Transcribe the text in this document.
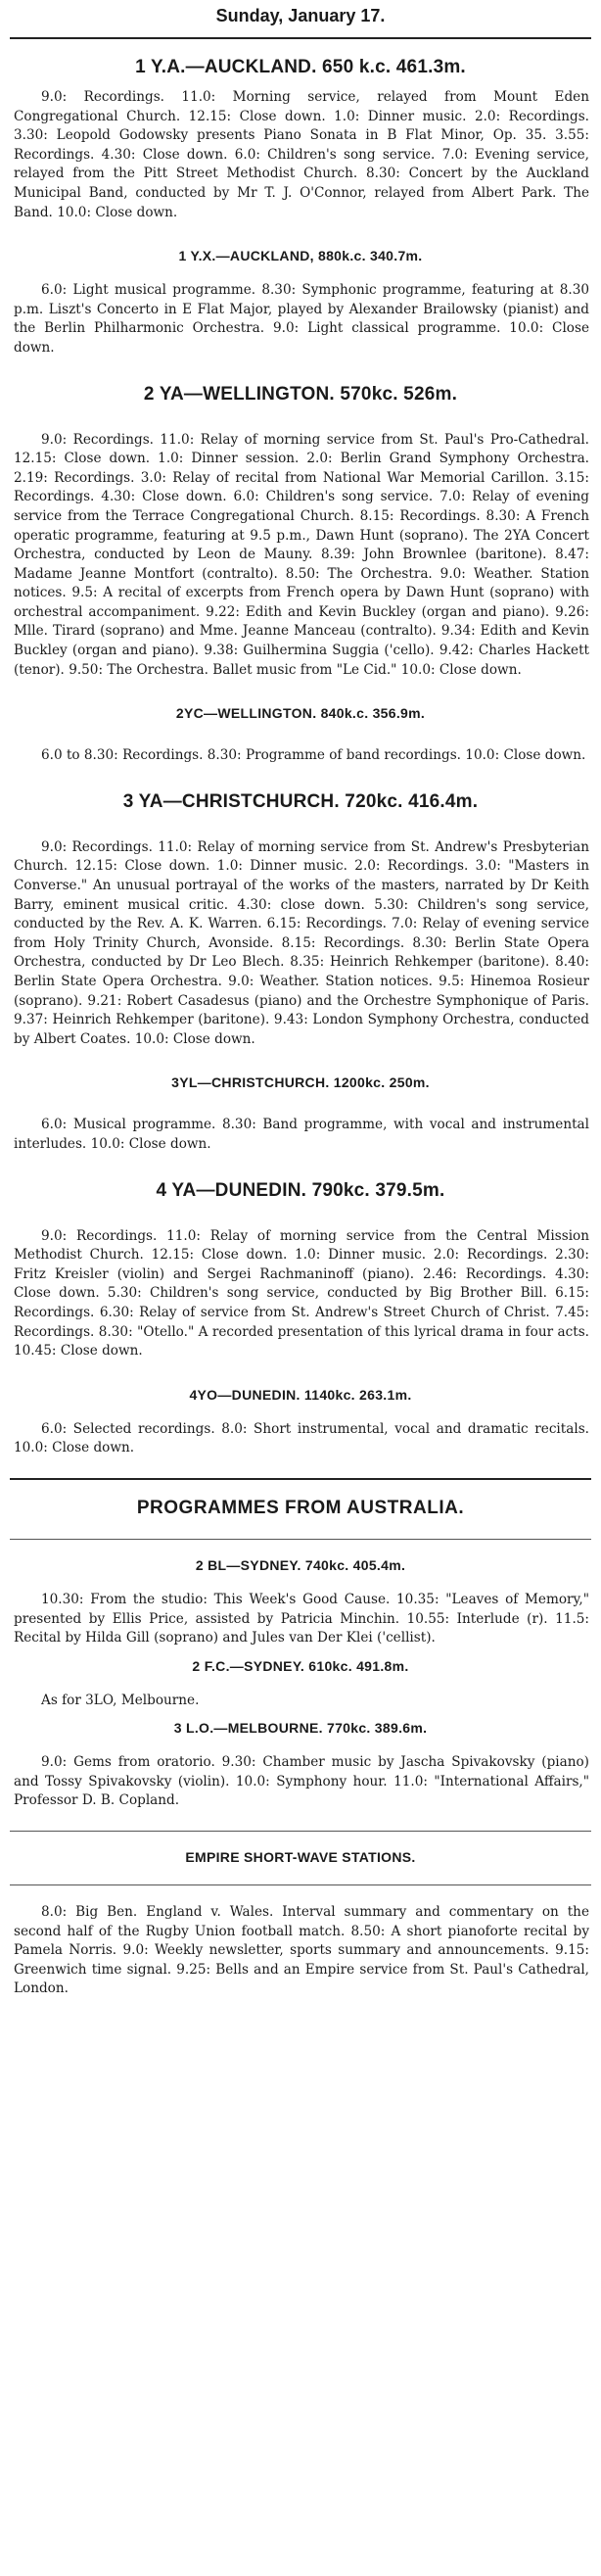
Sunday, January 17.
1 Y.A.—AUCKLAND. 650 k.c. 461.3m.

9.0: Recordings. 11.0: Morning service, relayed from Mount Eden Congregational Church. 12.15: Close down. 1.0: Dinner music. 2.0: Recordings. 3.30: Leopold Godowsky presents Piano Sonata in B Flat Minor, Op. 35. 3.55: Recordings. 4.30: Close down. 6.0: Children's song service. 7.0: Evening service, relayed from the Pitt Street Methodist Church. 8.30: Concert by the Auckland Municipal Band, conducted by Mr T. J. O'Connor, relayed from Albert Park. The Band. 10.0: Close down.

1 Y.X.—AUCKLAND, 880k.c. 340.7m.

6.0: Light musical programme. 8.30: Symphonic programme, featuring at 8.30 p.m. Liszt's Concerto in E Flat Major, played by Alexander Brailowsky (pianist) and the Berlin Philharmonic Orchestra. 9.0: Light classical programme. 10.0: Close down.

2 YA—WELLINGTON. 570kc. 526m.

9.0: Recordings. 11.0: Relay of morning service from St. Paul's Pro-Cathedral. 12.15: Close down. 1.0: Dinner session. 2.0: Berlin Grand Symphony Orchestra. 2.19: Recordings. 3.0: Relay of recital from National War Memorial Carillon. 3.15: Recordings. 4.30: Close down. 6.0: Children's song service. 7.0: Relay of evening service from the Terrace Congregational Church. 8.15: Recordings. 8.30: A French operatic programme, featuring at 9.5 p.m., Dawn Hunt (soprano). The 2YA Concert Orchestra, conducted by Leon de Mauny. 8.39: John Brownlee (baritone). 8.47: Madame Jeanne Montfort (contralto). 8.50: The Orchestra. 9.0: Weather. Station notices. 9.5: A recital of excerpts from French opera by Dawn Hunt (soprano) with orchestral accompaniment. 9.22: Edith and Kevin Buckley (organ and piano). 9.26: Mlle. Tirard (soprano) and Mme. Jeanne Manceau (contralto). 9.34: Edith and Kevin Buckley (organ and piano). 9.38: Guilhermina Suggia ('cello). 9.42: Charles Hackett (tenor). 9.50: The Orchestra. Ballet music from "Le Cid." 10.0: Close down.

2YC—WELLINGTON. 840k.c. 356.9m.

6.0 to 8.30: Recordings. 8.30: Programme of band recordings. 10.0: Close down.

3 YA—CHRISTCHURCH. 720kc. 416.4m.

9.0: Recordings. 11.0: Relay of morning service from St. Andrew's Presbyterian Church. 12.15: Close down. 1.0: Dinner music. 2.0: Recordings. 3.0: "Masters in Converse." An unusual portrayal of the works of the masters, narrated by Dr Keith Barry, eminent musical critic. 4.30: close down. 5.30: Children's song service, conducted by the Rev. A. K. Warren. 6.15: Recordings. 7.0: Relay of evening service from Holy Trinity Church, Avonside. 8.15: Recordings. 8.30: Berlin State Opera Orchestra, conducted by Dr Leo Blech. 8.35: Heinrich Rehkemper (baritone). 8.40: Berlin State Opera Orchestra. 9.0: Weather. Station notices. 9.5: Hinemoa Rosieur (soprano). 9.21: Robert Casadesus (piano) and the Orchestre Symphonique of Paris. 9.37: Heinrich Rehkemper (baritone). 9.43: London Symphony Orchestra, conducted by Albert Coates. 10.0: Close down.

3YL—CHRISTCHURCH. 1200kc. 250m.

6.0: Musical programme. 8.30: Band programme, with vocal and instrumental interludes. 10.0: Close down.

4 YA—DUNEDIN. 790kc. 379.5m.

9.0: Recordings. 11.0: Relay of morning service from the Central Mission Methodist Church. 12.15: Close down. 1.0: Dinner music. 2.0: Recordings. 2.30: Fritz Kreisler (violin) and Sergei Rachmaninoff (piano). 2.46: Recordings. 4.30: Close down. 5.30: Children's song service, conducted by Big Brother Bill. 6.15: Recordings. 6.30: Relay of service from St. Andrew's Street Church of Christ. 7.45: Recordings. 8.30: "Otello." A recorded presentation of this lyrical drama in four acts. 10.45: Close down.

4YO—DUNEDIN. 1140kc. 263.1m.

6.0: Selected recordings. 8.0: Short instrumental, vocal and dramatic recitals. 10.0: Close down.

PROGRAMMES FROM AUSTRALIA.
2 BL—SYDNEY. 740kc. 405.4m.

10.30: From the studio: This Week's Good Cause. 10.35: "Leaves of Memory," presented by Ellis Price, assisted by Patricia Minchin. 10.55: Interlude (r). 11.5: Recital by Hilda Gill (soprano) and Jules van Der Klei ('cellist).

2 F.C.—SYDNEY. 610kc. 491.8m.

As for 3LO, Melbourne.

3 L.O.—MELBOURNE. 770kc. 389.6m.

9.0: Gems from oratorio. 9.30: Chamber music by Jascha Spivakovsky (piano) and Tossy Spivakovsky (violin). 10.0: Symphony hour. 11.0: "International Affairs," Professor D. B. Copland.

EMPIRE SHORT-WAVE STATIONS.

8.0: Big Ben. England v. Wales. Interval summary and commentary on the second half of the Rugby Union football match. 8.50: A short pianoforte recital by Pamela Norris. 9.0: Weekly newsletter, sports summary and announcements. 9.15: Greenwich time signal. 9.25: Bells and an Empire service from St. Paul's Cathedral, London.
